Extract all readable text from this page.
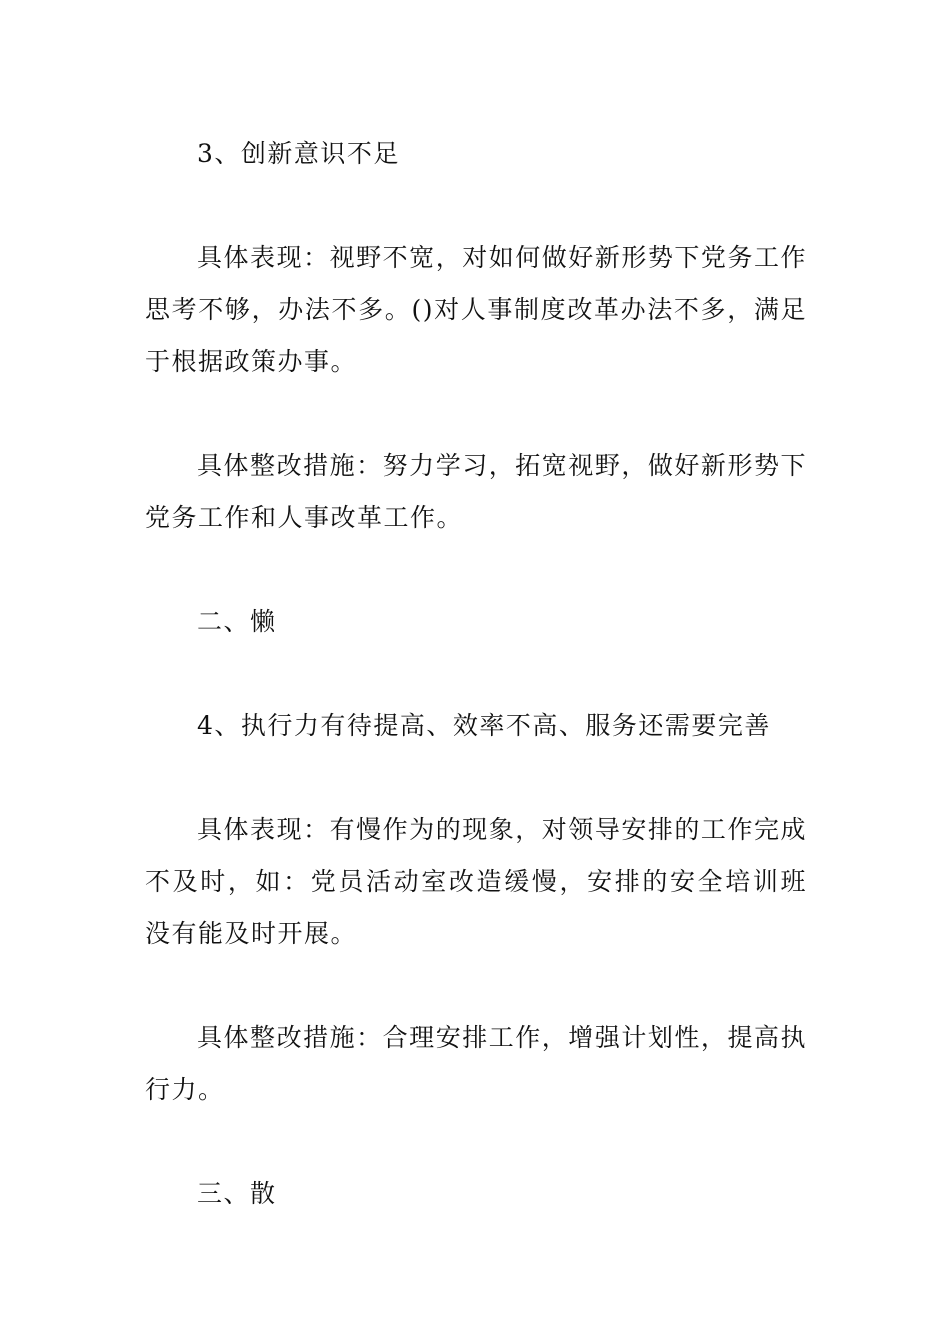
3、创新意识不足

具体表现：视野不宽，对如何做好新形势下党务工作思考不够，办法不多。()对人事制度改革办法不多，满足于根据政策办事。

具体整改措施：努力学习，拓宽视野，做好新形势下党务工作和人事改革工作。

二、懒

4、执行力有待提高、效率不高、服务还需要完善

具体表现：有慢作为的现象，对领导安排的工作完成不及时，如：党员活动室改造缓慢，安排的安全培训班没有能及时开展。

具体整改措施：合理安排工作，增强计划性，提高执行力。

三、散
